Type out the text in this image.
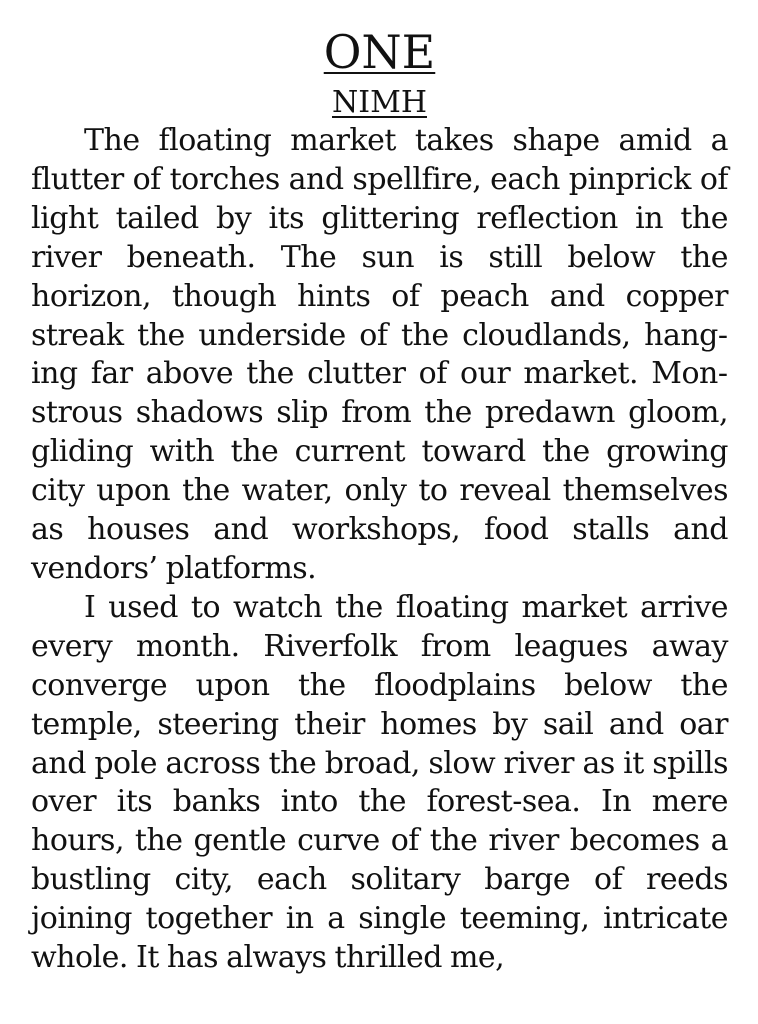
ONE
NIMH

The floating market takes shape amid a flutter of torches and spellfire, each pinprick of light tailed by its glittering reflection in the river beneath. The sun is still below the horizon, though hints of peach and copper streak the underside of the cloudlands, hanging far above the clutter of our market. Monstrous shadows slip from the predawn gloom, gliding with the current toward the growing city upon the water, only to reveal themselves as houses and workshops, food stalls and vendors’ platforms.

I used to watch the floating market arrive every month. Riverfolk from leagues away converge upon the floodplains below the temple, steering their homes by sail and oar and pole across the broad, slow river as it spills over its banks into the forest-sea. In mere hours, the gentle curve of the river becomes a bustling city, each solitary barge of reeds joining together in a single teeming, intricate whole. It has always thrilled me,
